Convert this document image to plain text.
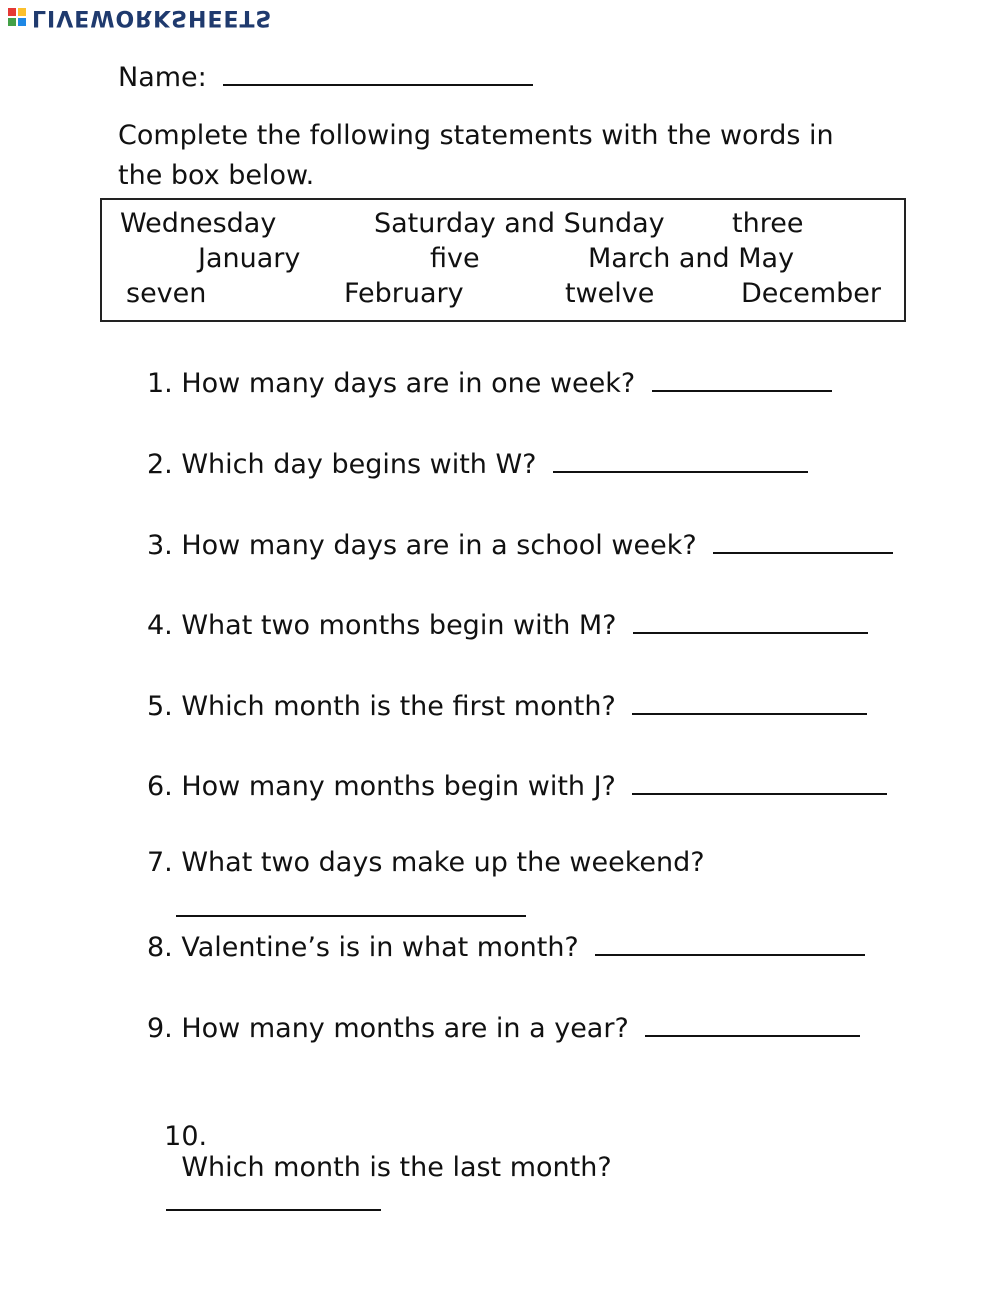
LIVEWORKSHEETS
Name:
Complete the following statements with the words in the box below.
Wednesday	Saturday and Sunday three
January	five	March and May
seven	February	twelve	December
1. How many days are in one week?
2. Which day begins with W?
3. How many days are in a school week?
4. What two months begin with M?
5. Which month is the first month?
6. How many months begin with J?
7. What two days make up the weekend?
8. Valentine’s is in what month?
9. How many months are in a year?

10.
Which month is the last month?
